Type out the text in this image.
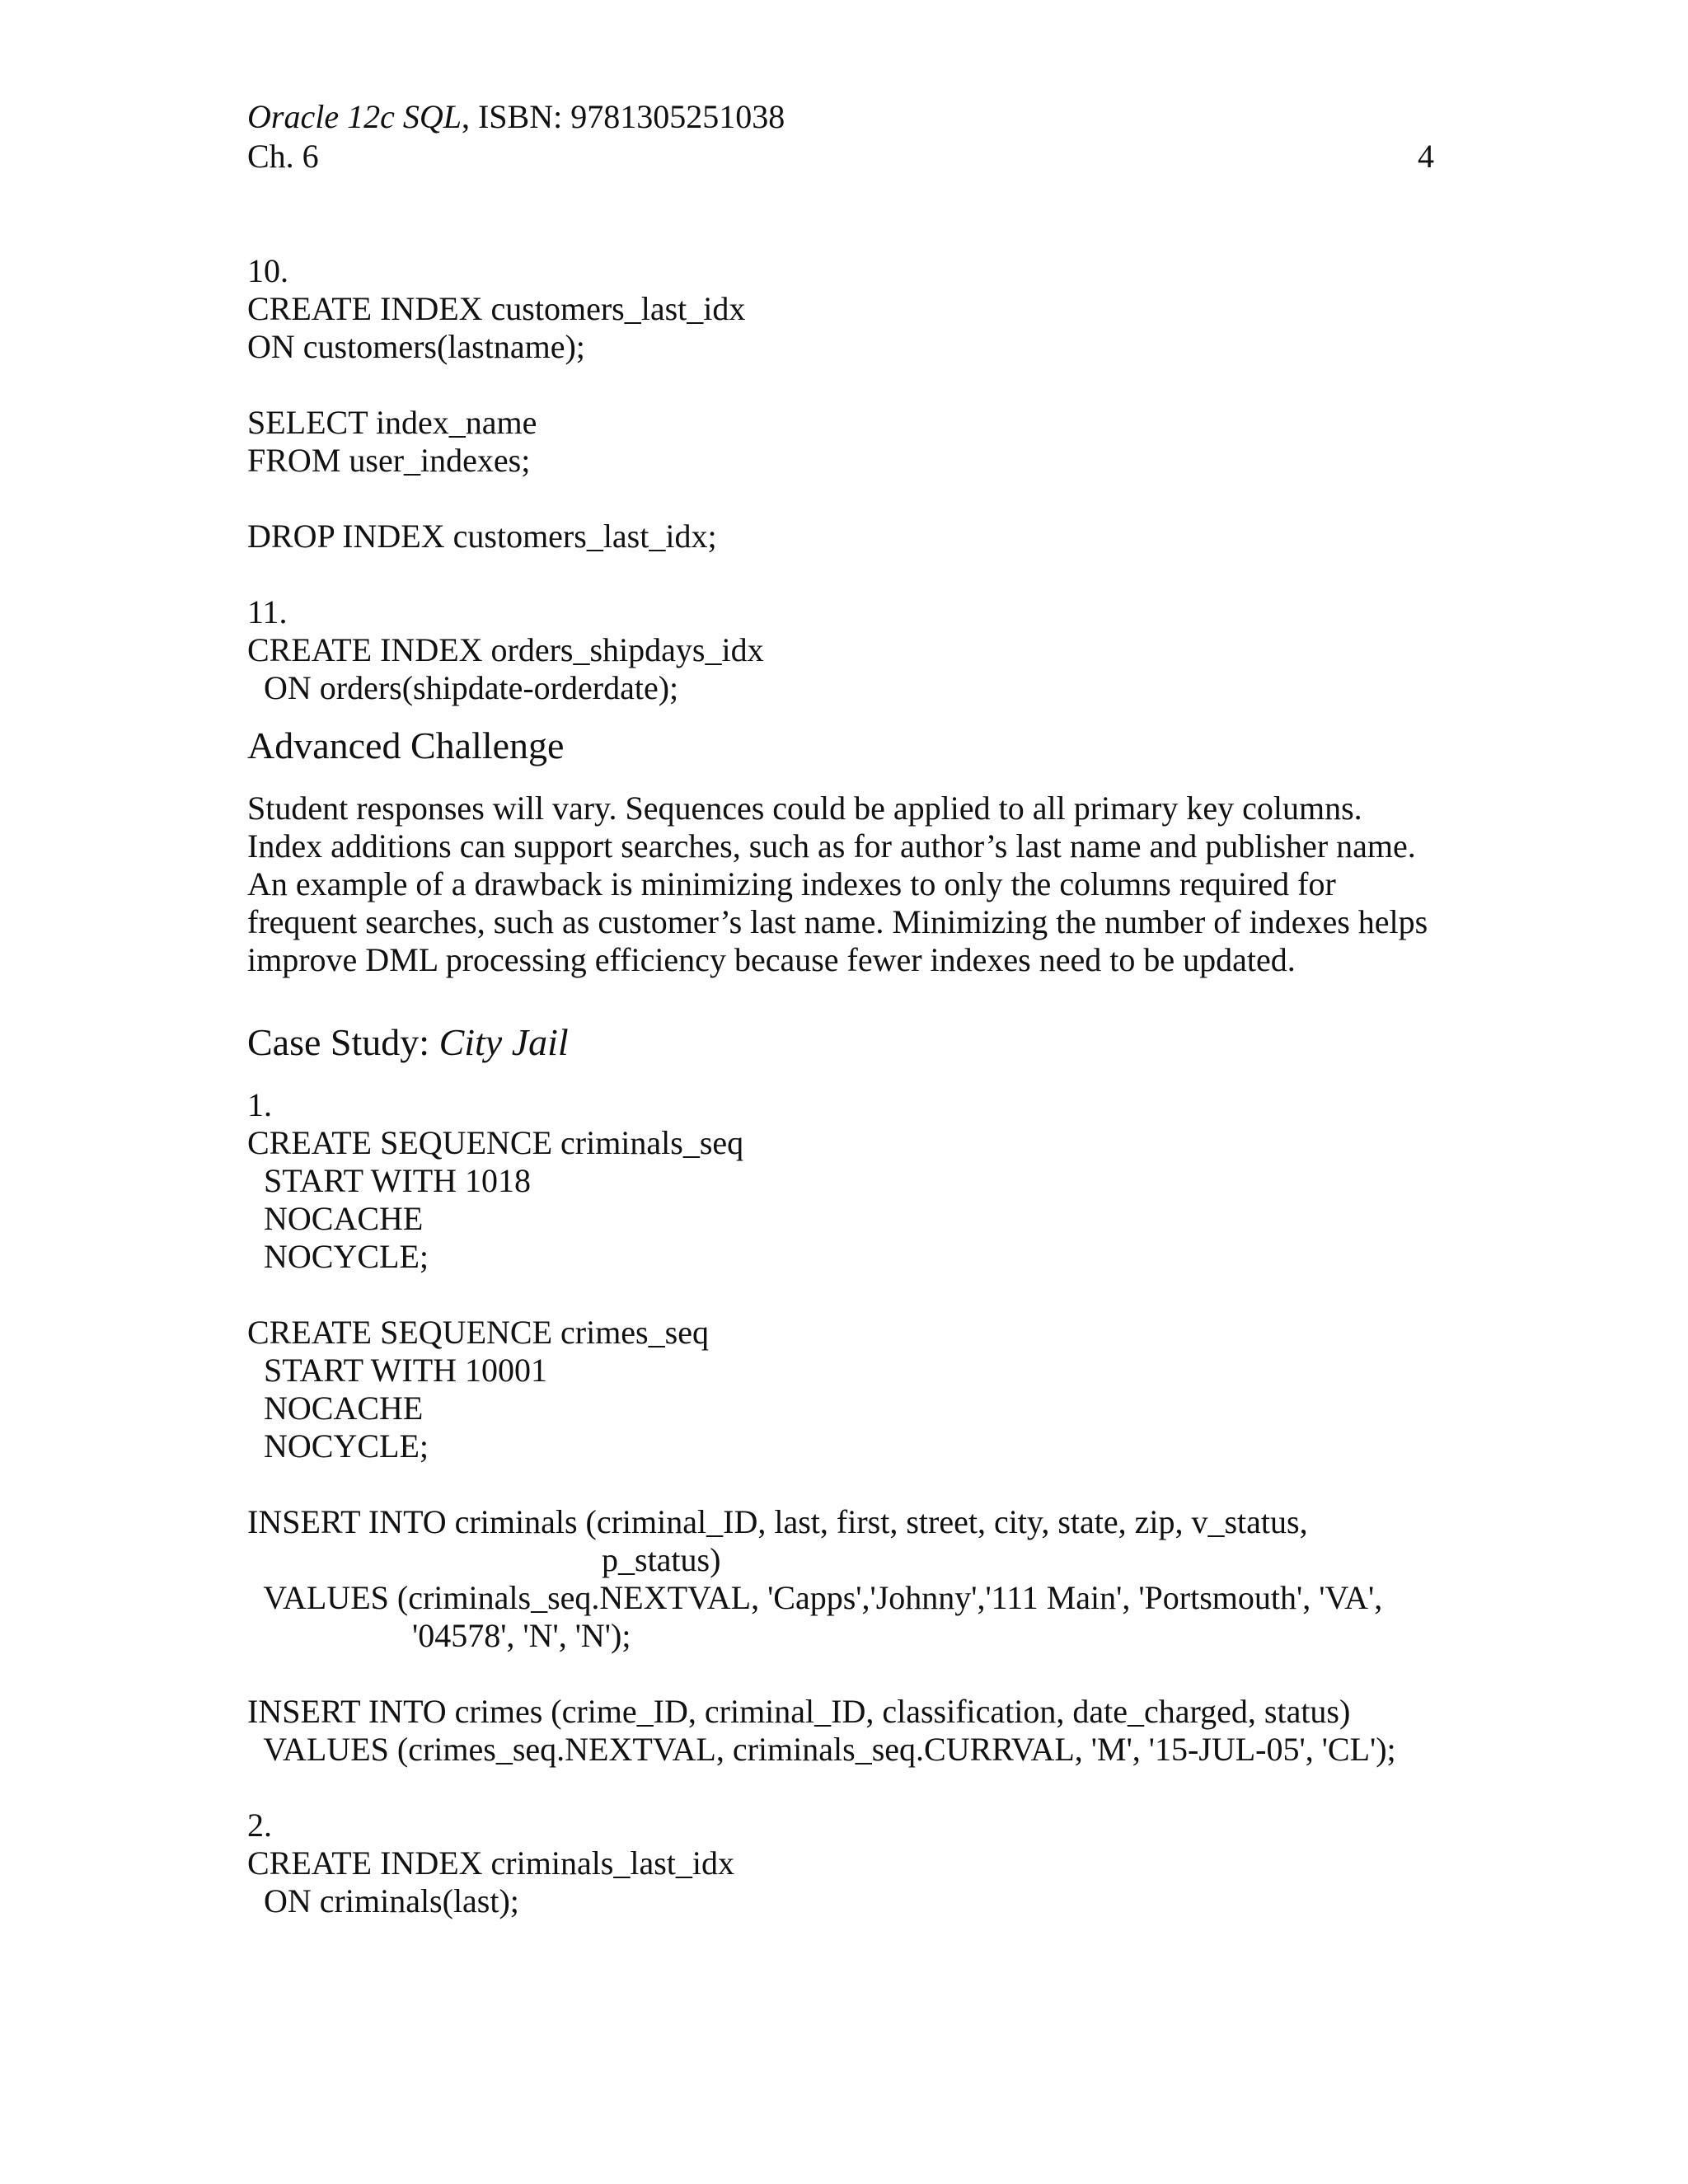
Oracle 12c SQL, ISBN: 9781305251038
Ch. 6	4
10.
CREATE INDEX customers_last_idx
ON customers(lastname);
SELECT index_name
FROM user_indexes;
DROP INDEX customers_last_idx;
11.
CREATE INDEX orders_shipdays_idx
ON orders(shipdate-orderdate);
Advanced Challenge
Student responses will vary. Sequences could be applied to all primary key columns.
Index additions can support searches, such as for author’s last name and publisher name.
An example of a drawback is minimizing indexes to only the columns required for
frequent searches, such as customer’s last name. Minimizing the number of indexes helps
improve DML processing efficiency because fewer indexes need to be updated.
Case Study: City Jail
1.
CREATE SEQUENCE criminals_seq
START WITH 1018
NOCACHE
NOCYCLE;
CREATE SEQUENCE crimes_seq
START WITH 10001
NOCACHE
NOCYCLE;
INSERT INTO criminals (criminal_ID, last, first, street, city, state, zip, v_status,
p_status)
VALUES (criminals_seq.NEXTVAL, 'Capps','Johnny','111 Main', 'Portsmouth', 'VA',
'04578', 'N', 'N');
INSERT INTO crimes (crime_ID, criminal_ID, classification, date_charged, status)
VALUES (crimes_seq.NEXTVAL, criminals_seq.CURRVAL, 'M', '15-JUL-05', 'CL');
2.
CREATE INDEX criminals_last_idx
ON criminals(last);
